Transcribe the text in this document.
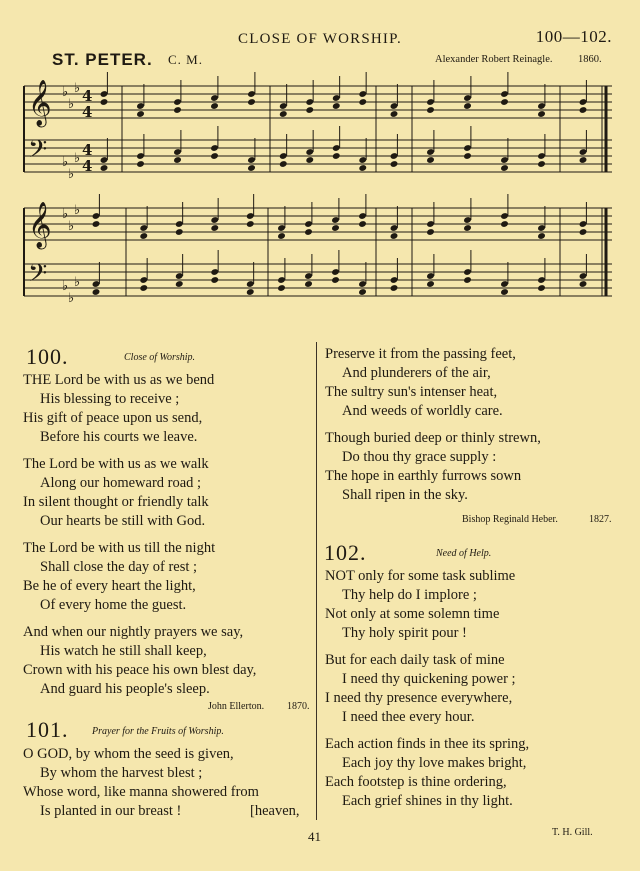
CLOSE OF WORSHIP.	100—102.
ST. PETER. C. M.	Alexander Robert Reinagle. 1860.
𝄞 ♭
♭
♭ 4
4
𝄢 ♭
♭
♭ 4
4
𝄞 ♭
♭
♭
𝄢 ♭
♭
♭
100.	Close of Worship.
THE Lord be with us as we bend
His blessing to receive ;
His gift of peace upon us send,
Before his courts we leave.
The Lord be with us as we walk
Along our homeward road ;
In silent thought or friendly talk
Our hearts be still with God.
The Lord be with us till the night
Shall close the day of rest ;
Be he of every heart the light,
Of every home the guest.
And when our nightly prayers we say,
His watch he still shall keep,
Crown with his peace his own blest day,
And guard his people's sleep.
John Ellerton. 1870.
101. Prayer for the Fruits of Worship.
O GOD, by whom the seed is given,
By whom the harvest blest ;
Whose word, like manna showered from
Is planted in our breast !	[heaven,
Preserve it from the passing feet,
And plunderers of the air,
The sultry sun's intenser heat,
And weeds of worldly care.
Though buried deep or thinly strewn,
Do thou thy grace supply :
The hope in earthly furrows sown
Shall ripen in the sky.
Bishop Reginald Heber.	1827.
102.	Need of Help.
NOT only for some task sublime
Thy help do I implore ;
Not only at some solemn time
Thy holy spirit pour !
But for each daily task of mine
I need thy quickening power ;
I need thy presence everywhere,
I need thee every hour.
Each action finds in thee its spring,
Each joy thy love makes bright,
Each footstep is thine ordering,
Each grief shines in thy light.
T. H. Gill.
41
